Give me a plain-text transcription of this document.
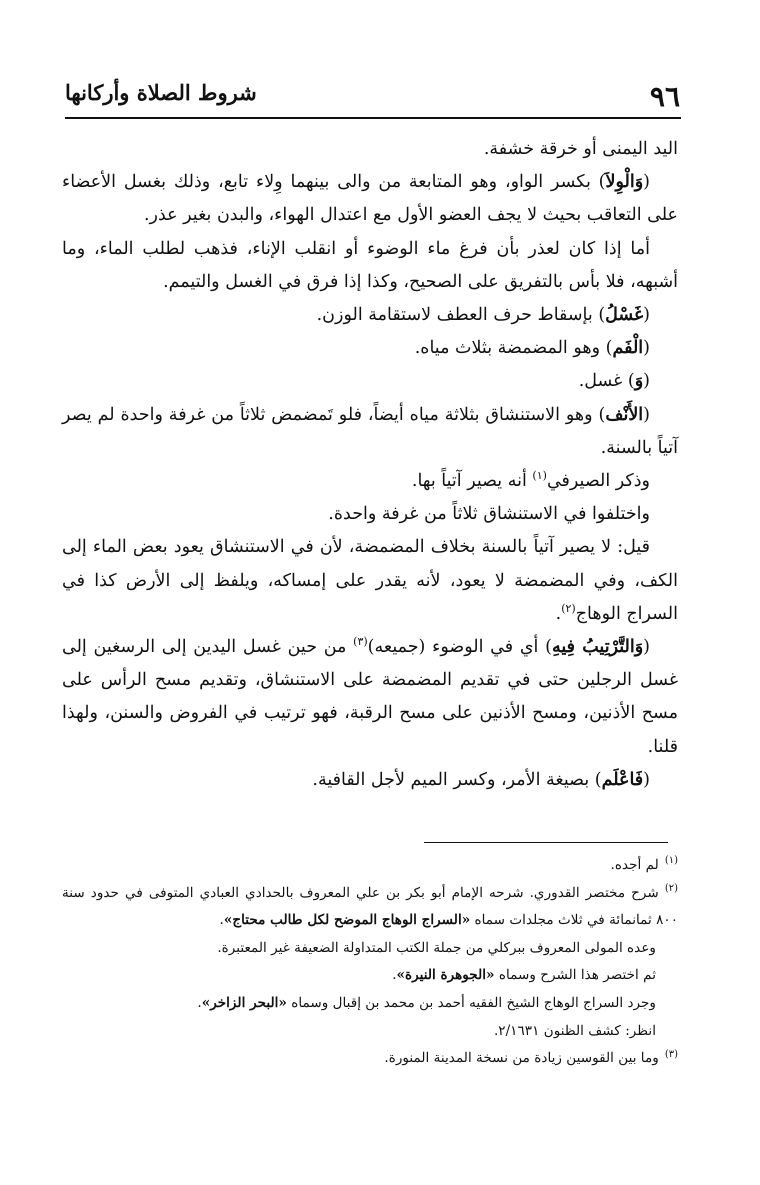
٩٦
شروط الصلاة وأركانها

اليد اليمنى أو خرقة خشفة.

(وَالْوِلاَ) بكسر الواو، وهو المتابعة من والى بينهما وِلاء تابع، وذلك بغسل الأعضاء على التعاقب بحيث لا يجف العضو الأول مع اعتدال الهواء، والبدن بغير عذر.

أما إذا كان لعذر بأن فرغ ماء الوضوء أو انقلب الإناء، فذهب لطلب الماء، وما أشبهه، فلا بأس بالتفريق على الصحيح، وكذا إذا فرق في الغسل والتيمم.

(غَسْلُ) بإسقاط حرف العطف لاستقامة الوزن.

(الْفَم) وهو المضمضة بثلاث مياه.

(وَ) غسل.

(الأَنْف) وهو الاستنشاق بثلاثة مياه أيضاً، فلو تَمضمض ثلاثاً من غرفة واحدة لم يصر آتياً بالسنة.

وذكر الصيرفي$^{(١)}$ أنه يصير آتياً بها.

واختلفوا في الاستنشاق ثلاثاً من غرفة واحدة.

قيل: لا يصير آتياً بالسنة بخلاف المضمضة، لأن في الاستنشاق يعود بعض الماء إلى الكف، وفي المضمضة لا يعود، لأنه يقدر على إمساكه، ويلفظ إلى الأرض كذا في السراج الوهاج$^{(٢)}$.

(وَالتَّرْتِيبُ فِيهِ) أي في الوضوء (جميعه)$^{(٣)}$ من حين غسل اليدين إلى الرسغين إلى غسل الرجلين حتى في تقديم المضمضة على الاستنشاق، وتقديم مسح الرأس على مسح الأذنين، ومسح الأذنين على مسح الرقبة، فهو ترتيب في الفروض والسنن، ولهذا قلنا.

(فَاعْلَم) بصيغة الأمر، وكسر الميم لأجل القافية.

$^{(١)}$لم أجده.

$^{(٢)}$شرح مختصر القدوري. شرحه الإمام أبو بكر بن علي المعروف بالحدادي العبادي المتوفى في حدود سنة ٨٠٠ ثمانمائة في ثلاث مجلدات سماه «السراج الوهاج الموضح لكل طالب محتاج».

وعده المولى المعروف ببركلي من جملة الكتب المتداولة الضعيفة غير المعتبرة.

ثم اختصر هذا الشرح وسماه «الجوهرة النيرة».

وجرد السراج الوهاج الشيخ الفقيه أحمد بن محمد بن إقبال وسماه «البحر الزاخر».

انظر: كشف الظنون ٢/١٦٣١.

$^{(٣)}$وما بين القوسين زيادة من نسخة المدينة المنورة.
